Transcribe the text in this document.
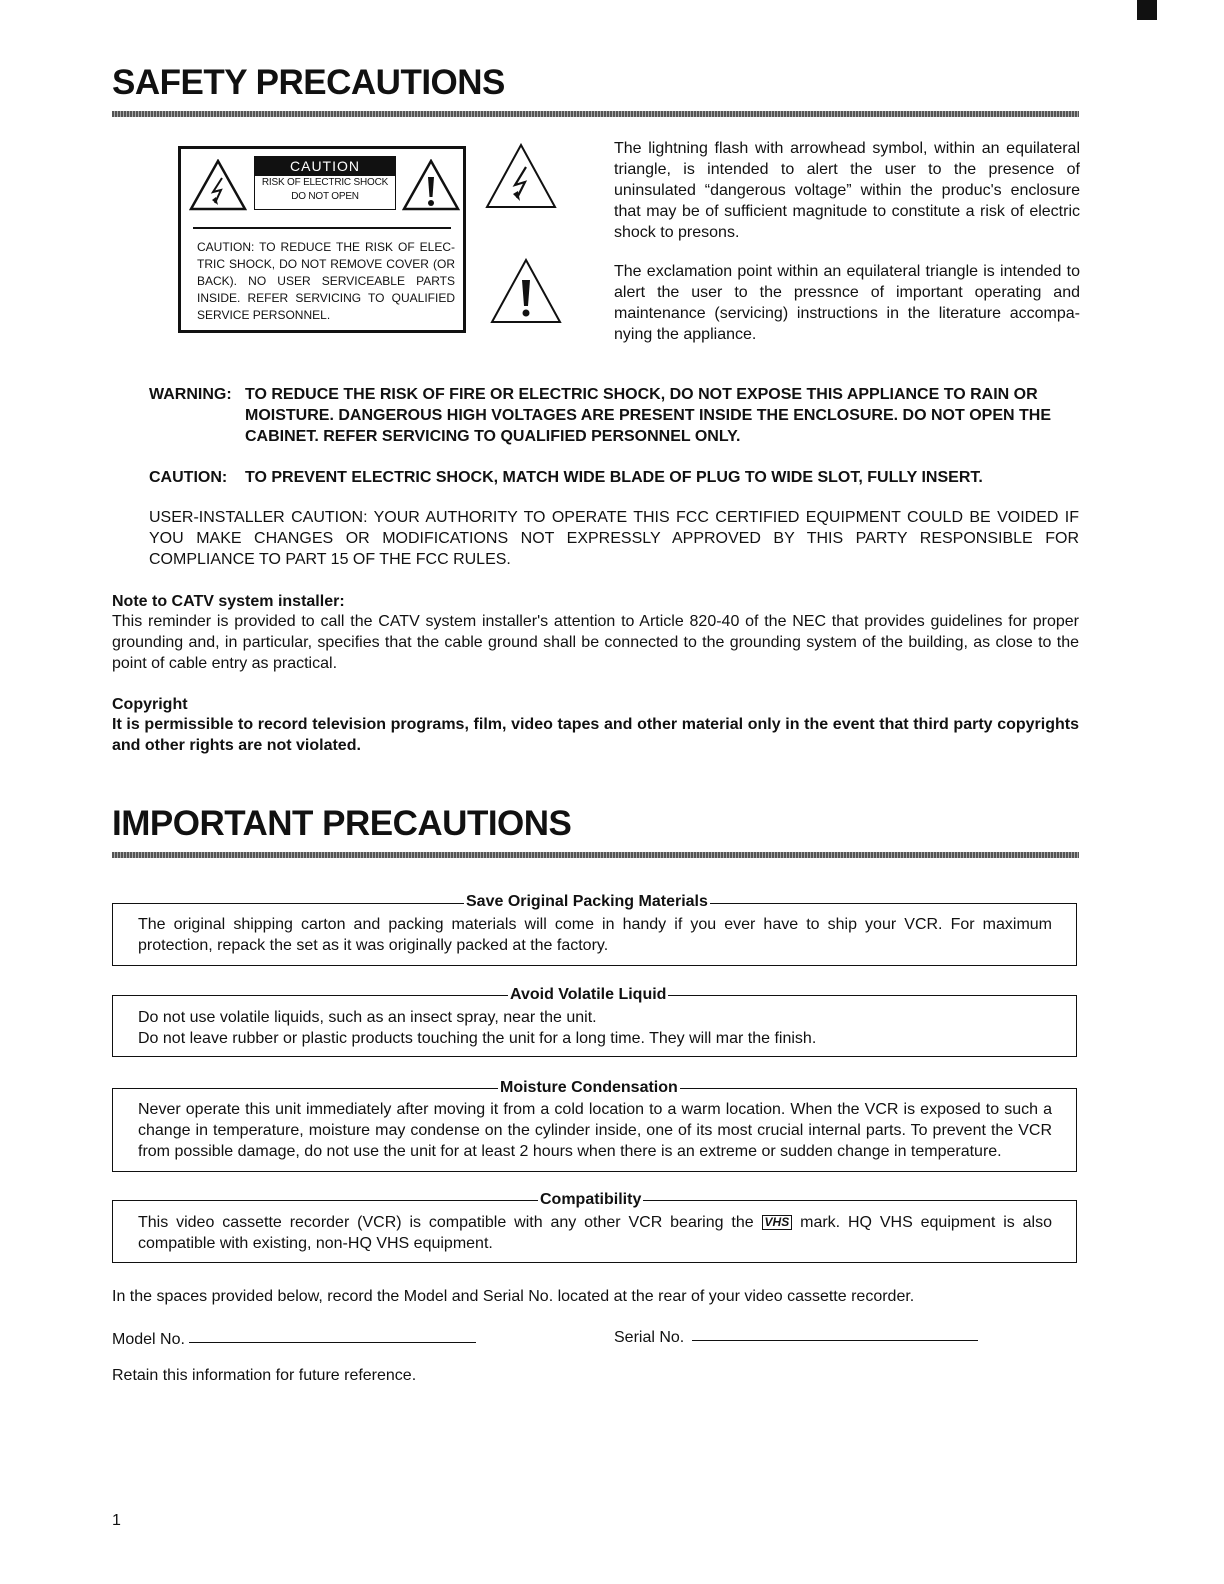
SAFETY PRECAUTIONS
CAUTION
RISK OF ELECTRIC SHOCK
DO NOT OPEN
CAUTION: TO REDUCE THE RISK OF ELEC-TRIC SHOCK, DO NOT REMOVE COVER (OR BACK). NO USER SERVICEABLE PARTS INSIDE. REFER SERVICING TO QUALIFIED SERVICE PERSONNEL.
The lightning flash with arrowhead symbol, within an equilateral triangle, is intended to alert the user to the presence of uninsulated “dangerous voltage” within the produc's enclosure that may be of sufficient magnitude to constitute a risk of electric shock to presons.
The exclamation point within an equilateral triangle is intended to alert the user to the pressnce of important operating and maintenance (servicing) instructions in the literature accompa-nying the appliance.
WARNING: TO REDUCE THE RISK OF FIRE OR ELECTRIC SHOCK, DO NOT EXPOSE THIS APPLIANCE TO RAIN OR MOISTURE. DANGEROUS HIGH VOLTAGES ARE PRESENT INSIDE THE ENCLOSURE. DO NOT OPEN THE CABINET. REFER SERVICING TO QUALIFIED PERSONNEL ONLY.
CAUTION: TO PREVENT ELECTRIC SHOCK, MATCH WIDE BLADE OF PLUG TO WIDE SLOT, FULLY INSERT.
USER-INSTALLER CAUTION: YOUR AUTHORITY TO OPERATE THIS FCC CERTIFIED EQUIPMENT COULD BE VOIDED IF YOU MAKE CHANGES OR MODIFICATIONS NOT EXPRESSLY APPROVED BY THIS PARTY RESPONSIBLE FOR COMPLIANCE TO PART 15 OF THE FCC RULES.
Note to CATV system installer:
This reminder is provided to call the CATV system installer's attention to Article 820-40 of the NEC that provides guidelines for proper grounding and, in particular, specifies that the cable ground shall be connected to the grounding system of the building, as close to the point of cable entry as practical.
Copyright
It is permissible to record television programs, film, video tapes and other material only in the event that third party copyrights and other rights are not violated.
IMPORTANT PRECAUTIONS
Save Original Packing Materials
The original shipping carton and packing materials will come in handy if you ever have to ship your VCR. For maximum protection, repack the set as it was originally packed at the factory.
Avoid Volatile Liquid
Do not use volatile liquids, such as an insect spray, near the unit.
Do not leave rubber or plastic products touching the unit for a long time. They will mar the finish.
Moisture Condensation
Never operate this unit immediately after moving it from a cold location to a warm location. When the VCR is exposed to such a change in temperature, moisture may condense on the cylinder inside, one of its most crucial internal parts. To prevent the VCR from possible damage, do not use the unit for at least 2 hours when there is an extreme or sudden change in temperature.
Compatibility
This video cassette recorder (VCR) is compatible with any other VCR bearing the VHS mark. HQ VHS equipment is also compatible with existing, non-HQ VHS equipment.
In the spaces provided below, record the Model and Serial No. located at the rear of your video cassette recorder.
Model No.	Serial No.
Retain this information for future reference.
1
